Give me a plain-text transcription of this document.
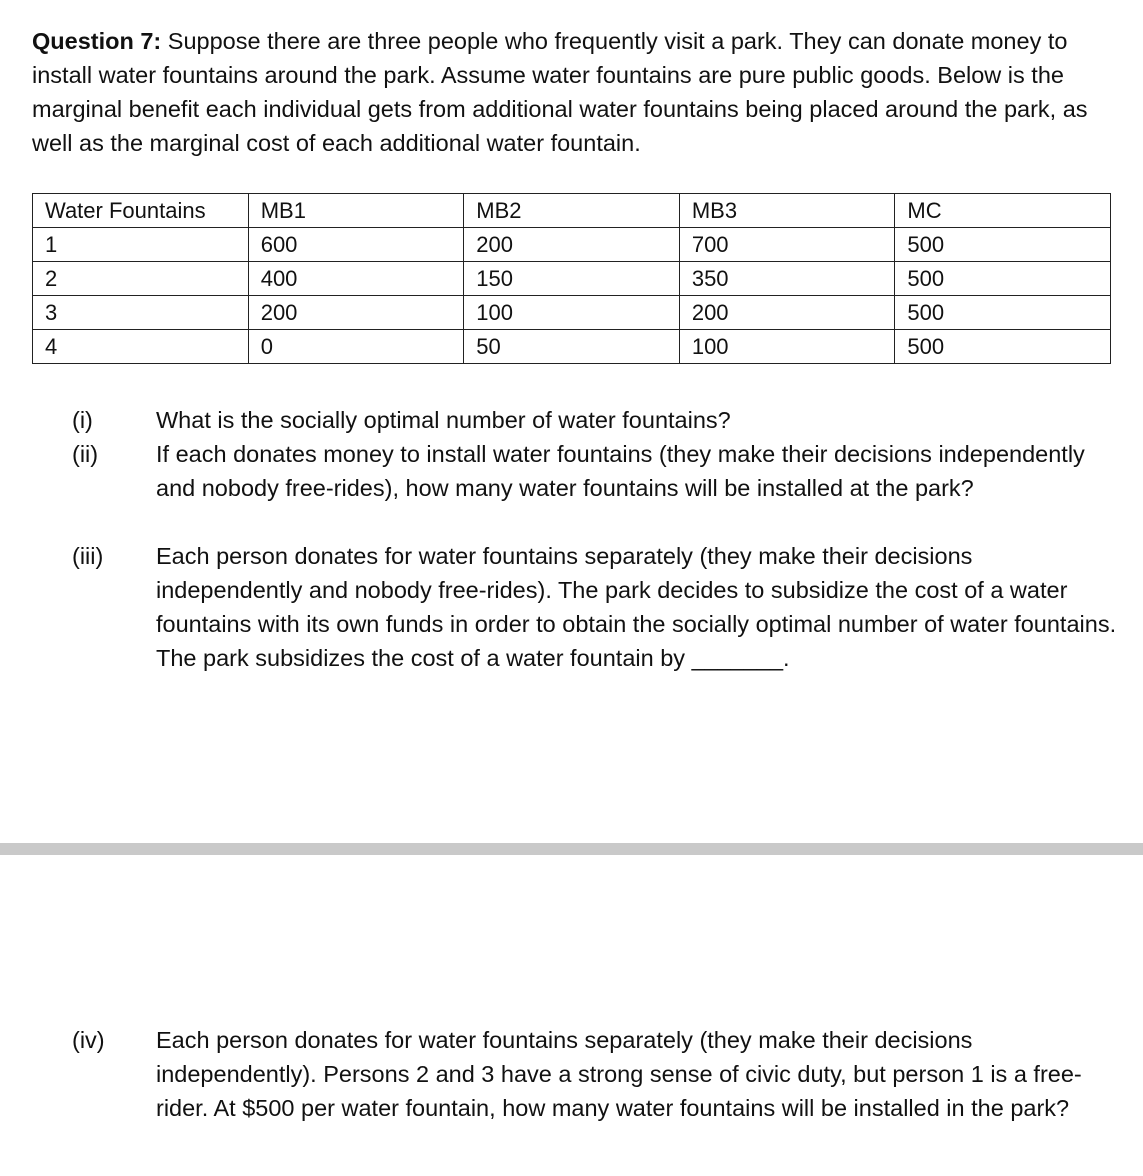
Question 7: Suppose there are three people who frequently visit a park. They can donate money to install water fountains around the park. Assume water fountains are pure public goods. Below is the marginal benefit each individual gets from additional water fountains being placed around the park, as well as the marginal cost of each additional water fountain.

Water Fountains	MB1	MB2	MB3	MC
1	600	200	700	500
2	400	150	350	500
3	200	100	200	500
4	0	50	100	500
(i)	What is the socially optimal number of water fountains?
(ii)	If each donates money to install water fountains (they make their decisions independently and nobody free-rides), how many water fountains will be installed at the park?
(iii)	Each person donates for water fountains separately (they make their decisions independently and nobody free-rides). The park decides to subsidize the cost of a water fountains with its own funds in order to obtain the socially optimal number of water fountains. The park subsidizes the cost of a water fountain by _______.
(iv)	Each person donates for water fountains separately (they make their decisions independently). Persons 2 and 3 have a strong sense of civic duty, but person 1 is a free-rider. At $500 per water fountain, how many water fountains will be installed in the park?
